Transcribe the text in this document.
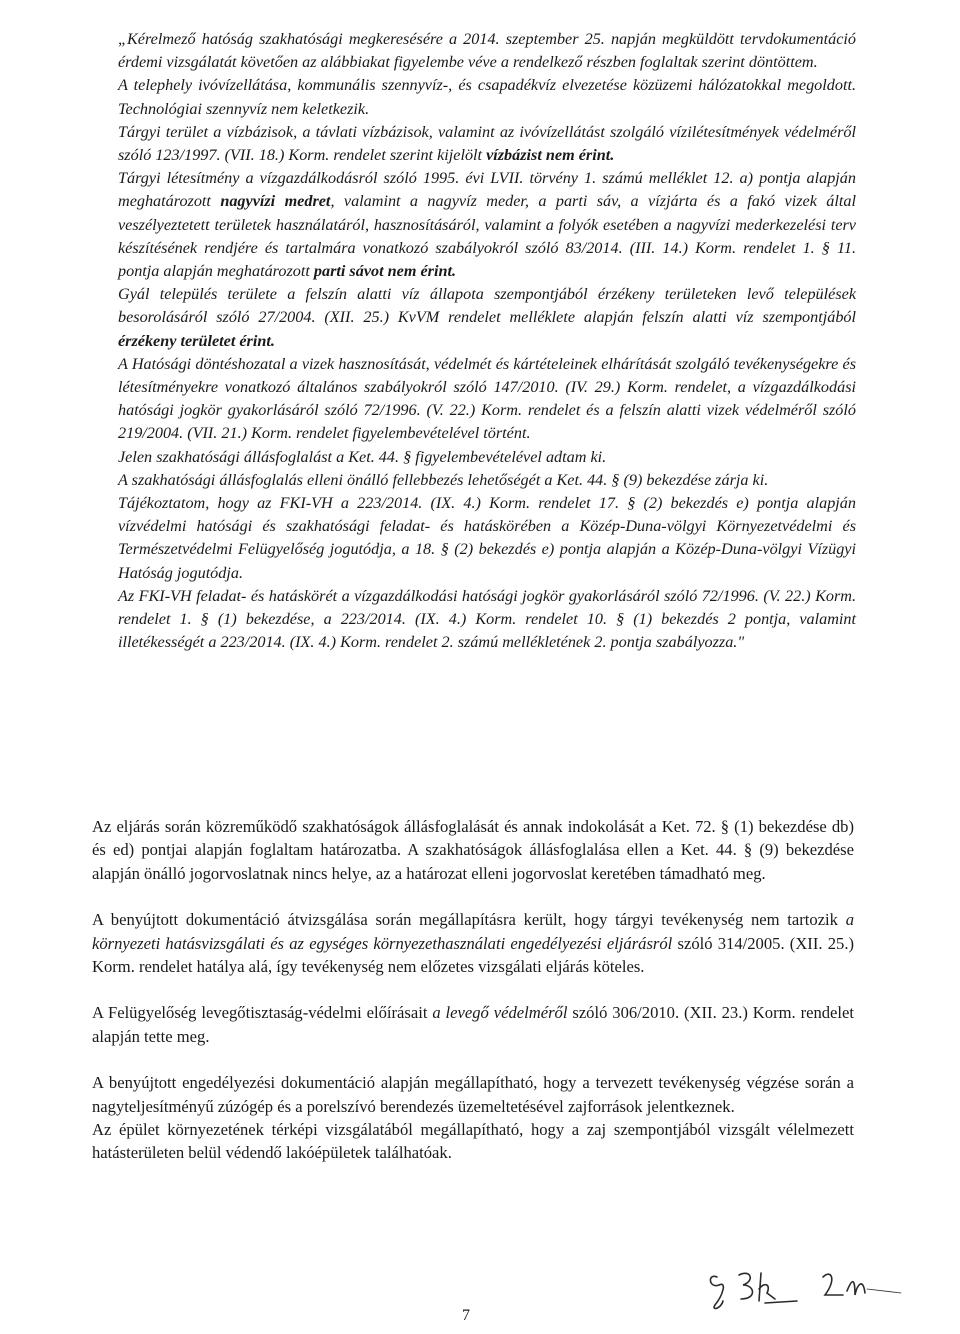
„Kérelmező hatóság szakhatósági megkeresésére a 2014. szeptember 25. napján megküldött tervdokumentáció érdemi vizsgálatát követően az alábbiakat figyelembe véve a rendelkező részben foglaltak szerint döntöttem.

A telephely ivóvízellátása, kommunális szennyvíz-, és csapadékvíz elvezetése közüzemi hálózatokkal megoldott. Technológiai szennyvíz nem keletkezik.

Tárgyi terület a vízbázisok, a távlati vízbázisok, valamint az ivóvízellátást szolgáló vízilétesítmények védelméről szóló 123/1997. (VII. 18.) Korm. rendelet szerint kijelölt vízbázist nem érint.

Tárgyi létesítmény a vízgazdálkodásról szóló 1995. évi LVII. törvény 1. számú melléklet 12. a) pontja alapján meghatározott nagyvízi medret, valamint a nagyvíz meder, a parti sáv, a vízjárta és a fakó vizek által veszélyeztetett területek használatáról, hasznosításáról, valamint a folyók esetében a nagyvízi mederkezelési terv készítésének rendjére és tartalmára vonatkozó szabályokról szóló 83/2014. (III. 14.) Korm. rendelet 1. § 11. pontja alapján meghatározott parti sávot nem érint.

Gyál település területe a felszín alatti víz állapota szempontjából érzékeny területeken levő települések besorolásáról szóló 27/2004. (XII. 25.) KvVM rendelet melléklete alapján felszín alatti víz szempontjából érzékeny területet érint.

A Hatósági döntéshozatal a vizek hasznosítását, védelmét és kártételeinek elhárítását szolgáló tevékenységekre és létesítményekre vonatkozó általános szabályokról szóló 147/2010. (IV. 29.) Korm. rendelet, a vízgazdálkodási hatósági jogkör gyakorlásáról szóló 72/1996. (V. 22.) Korm. rendelet és a felszín alatti vizek védelméről szóló 219/2004. (VII. 21.) Korm. rendelet figyelembevételével történt.

Jelen szakhatósági állásfoglalást a Ket. 44. § figyelembevételével adtam ki.

A szakhatósági állásfoglalás elleni önálló fellebbezés lehetőségét a Ket. 44. § (9) bekezdése zárja ki.

Tájékoztatom, hogy az FKI-VH a 223/2014. (IX. 4.) Korm. rendelet 17. § (2) bekezdés e) pontja alapján vízvédelmi hatósági és szakhatósági feladat- és hatáskörében a Közép-Duna-völgyi Környezetvédelmi és Természetvédelmi Felügyelőség jogutódja, a 18. § (2) bekezdés e) pontja alapján a Közép-Duna-völgyi Vízügyi Hatóság jogutódja.

Az FKI-VH feladat- és hatáskörét a vízgazdálkodási hatósági jogkör gyakorlásáról szóló 72/1996. (V. 22.) Korm. rendelet 1. § (1) bekezdése, a 223/2014. (IX. 4.) Korm. rendelet 10. § (1) bekezdés 2 pontja, valamint illetékességét a 223/2014. (IX. 4.) Korm. rendelet 2. számú mellékletének 2. pontja szabályozza."

Az eljárás során közreműködő szakhatóságok állásfoglalását és annak indokolását a Ket. 72. § (1) bekezdése db) és ed) pontjai alapján foglaltam határozatba. A szakhatóságok állásfoglalása ellen a Ket. 44. § (9) bekezdése alapján önálló jogorvoslatnak nincs helye, az a határozat elleni jogorvoslat keretében támadható meg.

A benyújtott dokumentáció átvizsgálása során megállapításra került, hogy tárgyi tevékenység nem tartozik a környezeti hatásvizsgálati és az egységes környezethasználati engedélyezési eljárásról szóló 314/2005. (XII. 25.) Korm. rendelet hatálya alá, így tevékenység nem előzetes vizsgálati eljárás köteles.

A Felügyelőség levegőtisztaság-védelmi előírásait a levegő védelméről szóló 306/2010. (XII. 23.) Korm. rendelet alapján tette meg.

A benyújtott engedélyezési dokumentáció alapján megállapítható, hogy a tervezett tevékenység végzése során a nagyteljesítményű zúzógép és a porelszívó berendezés üzemeltetésével zajforrások jelentkeznek.

Az épület környezetének térképi vizsgálatából megállapítható, hogy a zaj szempontjából vizsgált vélelmezett hatásterületen belül védendő lakóépületek találhatóak.

7
